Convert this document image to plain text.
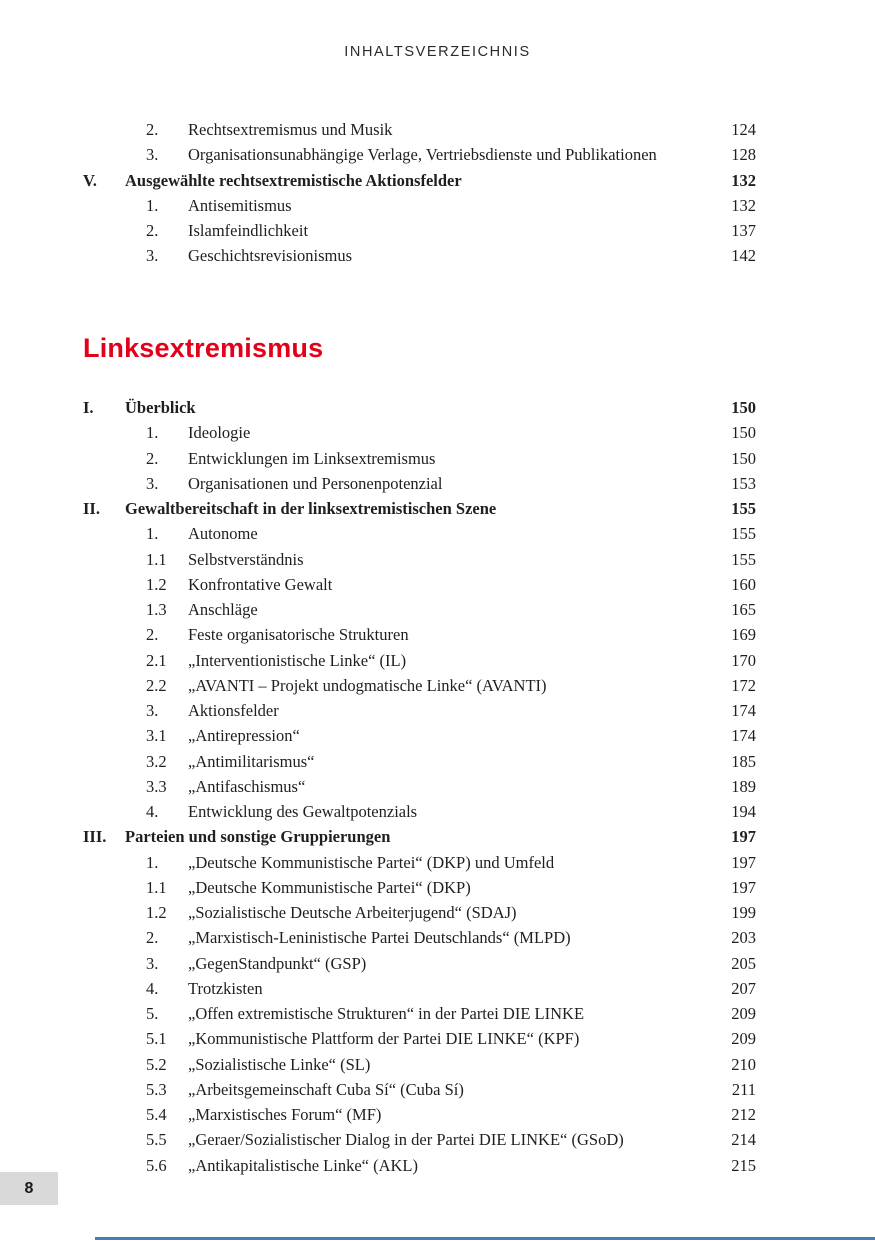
INHALTSVERZEICHNIS
2.	Rechtsextremismus und Musik	124
3.	Organisationsunabhängige Verlage, Vertriebsdienste und Publikationen	128
V.	Ausgewählte rechtsextremistische Aktionsfelder	132
1.	Antisemitismus	132
2.	Islamfeindlichkeit	137
3.	Geschichtsrevisionismus	142
Linksextremismus
I.	Überblick	150
1.	Ideologie	150
2.	Entwicklungen im Linksextremismus	150
3.	Organisationen und Personenpotenzial	153
II.	Gewaltbereitschaft in der linksextremistischen Szene	155
1.	Autonome	155
1.1	Selbstverständnis	155
1.2	Konfrontative Gewalt	160
1.3	Anschläge	165
2.	Feste organisatorische Strukturen	169
2.1	„Interventionistische Linke“ (IL)	170
2.2	„AVANTI – Projekt undogmatische Linke“ (AVANTI)	172
3.	Aktionsfelder	174
3.1	„Antirepression“	174
3.2	„Antimilitarismus“	185
3.3	„Antifaschismus“	189
4.	Entwicklung des Gewaltpotenzials	194
III.	Parteien und sonstige Gruppierungen	197
1.	„Deutsche Kommunistische Partei“ (DKP) und Umfeld	197
1.1	„Deutsche Kommunistische Partei“ (DKP)	197
1.2	„Sozialistische Deutsche Arbeiterjugend“ (SDAJ)	199
2.	„Marxistisch-Leninistische Partei Deutschlands“ (MLPD)	203
3.	„GegenStandpunkt“ (GSP)	205
4.	Trotzkisten	207
5.	„Offen extremistische Strukturen“ in der Partei DIE LINKE	209
5.1	„Kommunistische Plattform der Partei DIE LINKE“ (KPF)	209
5.2	„Sozialistische Linke“ (SL)	210
5.3	„Arbeitsgemeinschaft Cuba Sí“ (Cuba Sí)	211
5.4	„Marxistisches Forum“ (MF)	212
5.5	„Geraer/Sozialistischer Dialog in der Partei DIE LINKE“ (GSoD)	214
5.6	„Antikapitalistische Linke“ (AKL)	215
8
